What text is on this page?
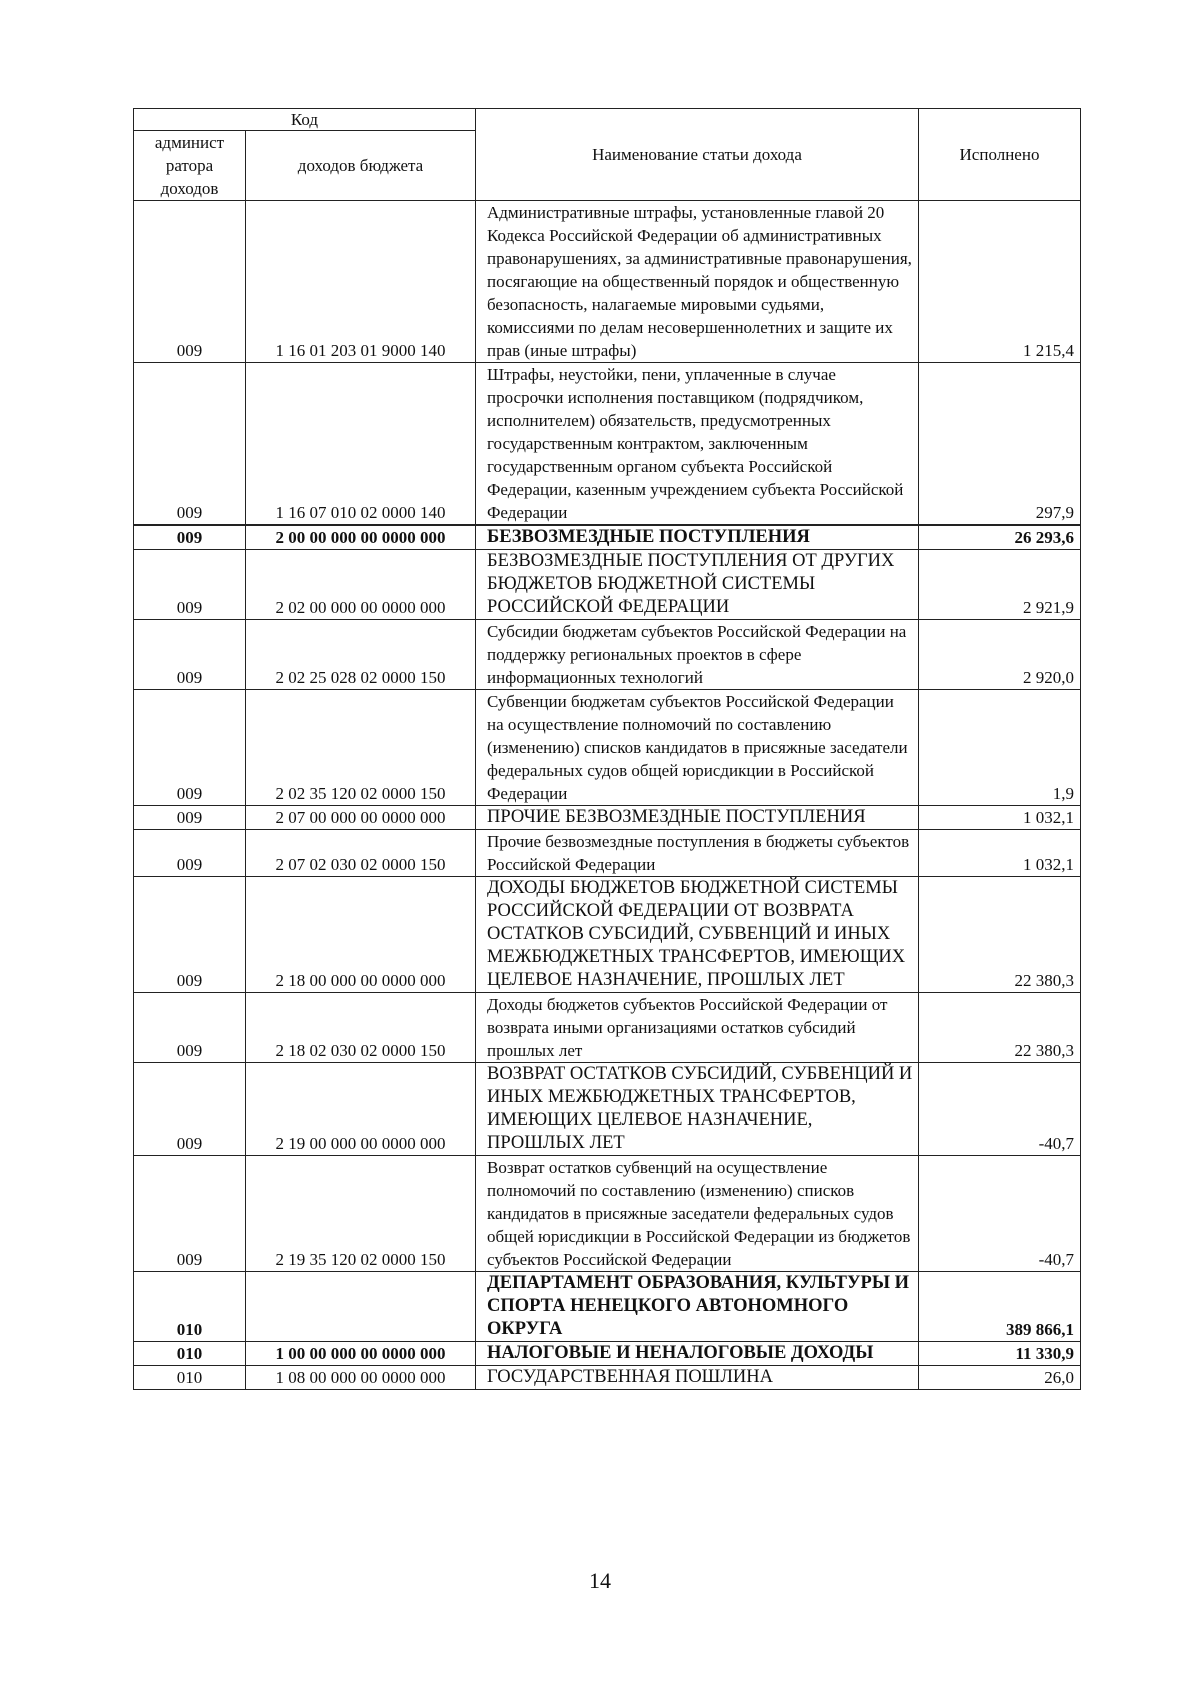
Код		Наименование статьи дохода	Исполнено
админист ратора доходов	доходов бюджета		
009	1 16 01 203 01 9000 140	Административные штрафы, установленные главой 20 Кодекса Российской Федерации об административных правонарушениях, за административные правонарушения, посягающие на общественный порядок и общественную безопасность, налагаемые мировыми судьями, комиссиями по делам несовершеннолетних и защите их прав (иные штрафы)	1 215,4
009	1 16 07 010 02 0000 140	Штрафы, неустойки, пени, уплаченные в случае просрочки исполнения поставщиком (подрядчиком, исполнителем) обязательств, предусмотренных государственным контрактом, заключенным государственным органом субъекта Российской Федерации, казенным учреждением субъекта Российской Федерации	297,9
009	2 00 00 000 00 0000 000	БЕЗВОЗМЕЗДНЫЕ ПОСТУПЛЕНИЯ	26 293,6
009	2 02 00 000 00 0000 000	БЕЗВОЗМЕЗДНЫЕ ПОСТУПЛЕНИЯ ОТ ДРУГИХ БЮДЖЕТОВ БЮДЖЕТНОЙ СИСТЕМЫ РОССИЙСКОЙ ФЕДЕРАЦИИ	2 921,9
009	2 02 25 028 02 0000 150	Субсидии бюджетам субъектов Российской Федерации на поддержку региональных проектов в сфере информационных технологий	2 920,0
009	2 02 35 120 02 0000 150	Субвенции бюджетам субъектов Российской Федерации на осуществление полномочий по составлению (изменению) списков кандидатов в присяжные заседатели федеральных судов общей юрисдикции в Российской Федерации	1,9
009	2 07 00 000 00 0000 000	ПРОЧИЕ БЕЗВОЗМЕЗДНЫЕ ПОСТУПЛЕНИЯ	1 032,1
009	2 07 02 030 02 0000 150	Прочие безвозмездные поступления в бюджеты субъектов Российской Федерации	1 032,1
009	2 18 00 000 00 0000 000	ДОХОДЫ БЮДЖЕТОВ БЮДЖЕТНОЙ СИСТЕМЫ РОССИЙСКОЙ ФЕДЕРАЦИИ ОТ ВОЗВРАТА ОСТАТКОВ СУБСИДИЙ, СУБВЕНЦИЙ И ИНЫХ МЕЖБЮДЖЕТНЫХ ТРАНСФЕРТОВ, ИМЕЮЩИХ ЦЕЛЕВОЕ НАЗНАЧЕНИЕ, ПРОШЛЫХ ЛЕТ	22 380,3
009	2 18 02 030 02 0000 150	Доходы бюджетов субъектов Российской Федерации от возврата иными организациями остатков субсидий прошлых лет	22 380,3
009	2 19 00 000 00 0000 000	ВОЗВРАТ ОСТАТКОВ СУБСИДИЙ, СУБВЕНЦИЙ И ИНЫХ МЕЖБЮДЖЕТНЫХ ТРАНСФЕРТОВ, ИМЕЮЩИХ ЦЕЛЕВОЕ НАЗНАЧЕНИЕ, ПРОШЛЫХ ЛЕТ	-40,7
009	2 19 35 120 02 0000 150	Возврат остатков субвенций на осуществление полномочий по составлению (изменению) списков кандидатов в присяжные заседатели федеральных судов общей юрисдикции в Российской Федерации из бюджетов субъектов Российской Федерации	-40,7
010		ДЕПАРТАМЕНТ ОБРАЗОВАНИЯ, КУЛЬТУРЫ И СПОРТА НЕНЕЦКОГО АВТОНОМНОГО ОКРУГА	389 866,1
010	1 00 00 000 00 0000 000	НАЛОГОВЫЕ И НЕНАЛОГОВЫЕ ДОХОДЫ	11 330,9
010	1 08 00 000 00 0000 000	ГОСУДАРСТВЕННАЯ ПОШЛИНА	26,0
14
